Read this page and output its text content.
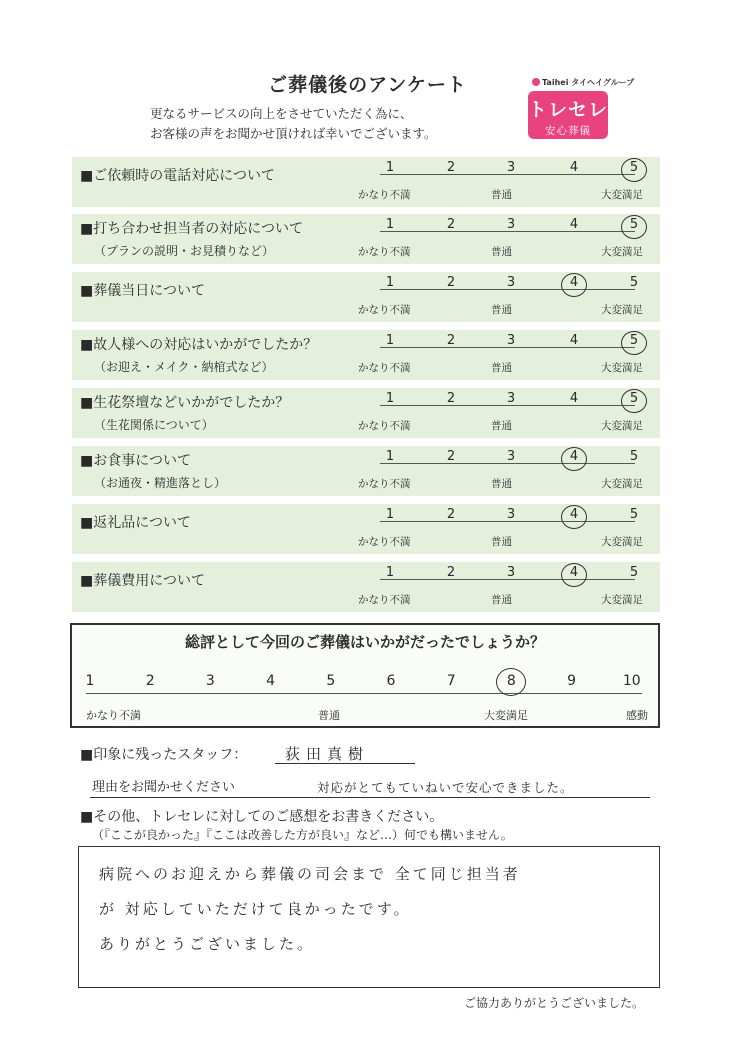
ご葬儀後のアンケート
更なるサービスの向上をさせていただく為に、
お客様の声をお聞かせ頂ければ幸いでございます。
Taihei タイヘイグループ
トレセレ
安心葬儀
■ご依頼時の電話対応について
1	2	3	4	5
かなり不満	普通	大変満足
■打ち合わせ担当者の対応について
（プランの説明・お見積りなど）
1	2	3	4	5
かなり不満	普通	大変満足
■葬儀当日について
1	2	3	4	5
かなり不満	普通	大変満足
■故人様への対応はいかがでしたか？
（お迎え・メイク・納棺式など）
1	2	3	4	5
かなり不満	普通	大変満足
■生花祭壇などいかがでしたか？
（生花関係について）
1	2	3	4	5
かなり不満	普通	大変満足
■お食事について
（お通夜・精進落とし）
1	2	3	4	5
かなり不満	普通	大変満足
■返礼品について
1	2	3	4	5
かなり不満	普通	大変満足
■葬儀費用について
1	2	3	4	5
かなり不満	普通	大変満足
総評として今回のご葬儀はいかがだったでしょうか？
1	2	3	4	5	6	7	8	9	10
かなり不満	普通	大変満足	感動
■印象に残ったスタッフ：	荻田真樹
理由をお聞かせください	対応がとてもていねいで安心できました。
■その他、トレセレに対してのご感想をお書きください。
（『ここが良かった』『ここは改善した方が良い』など…）何でも構いません。
病院へのお迎えから葬儀の司会まで 全て同じ担当者
が 対応していただけて良かったです。
ありがとうございました。
ご協力ありがとうございました。
